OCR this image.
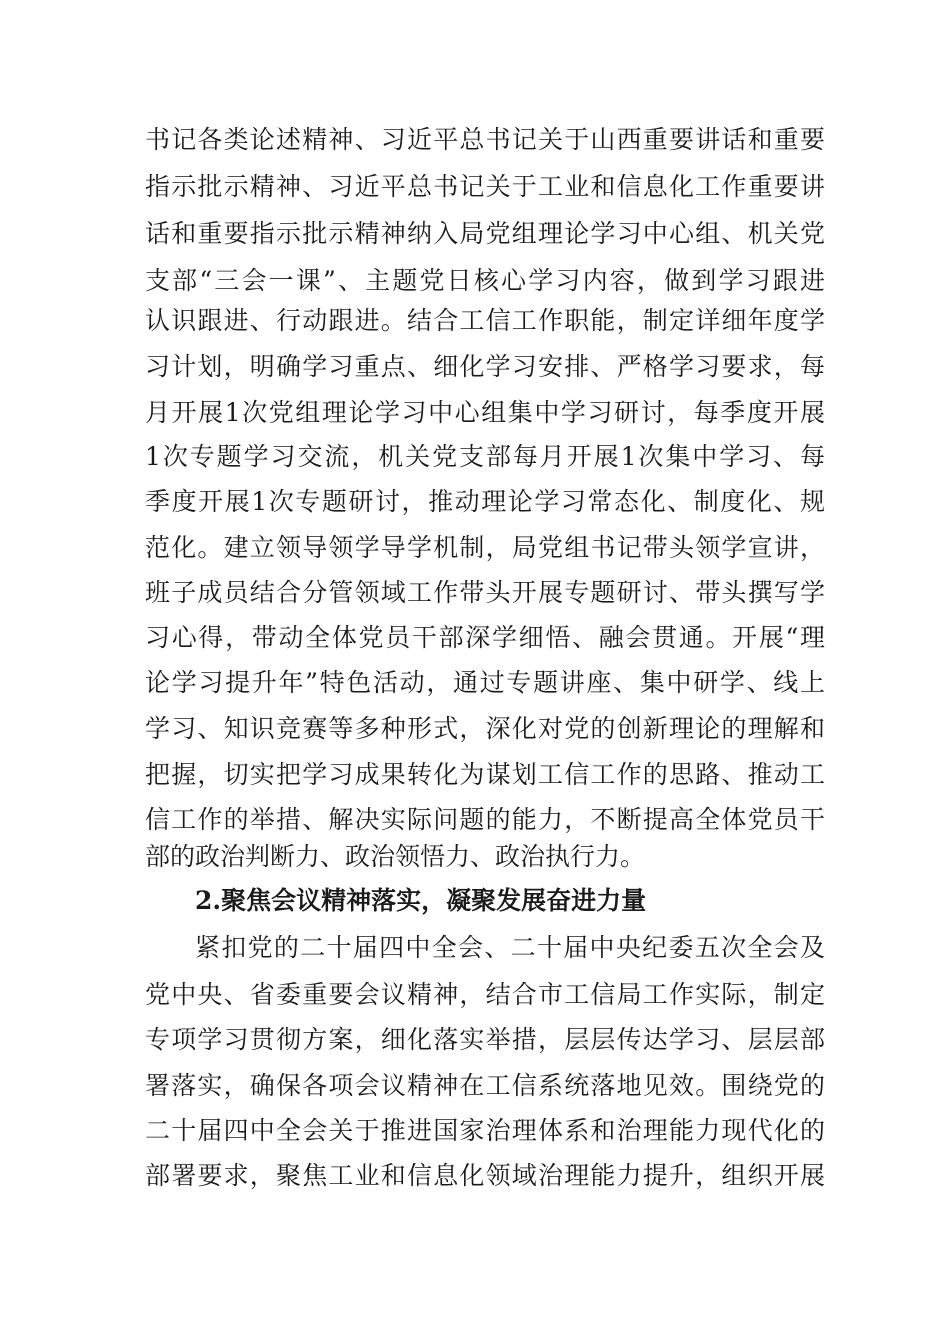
书记各类论述精神、习近平总书记关于山西重要讲话和重要
指示批示精神、习近平总书记关于工业和信息化工作重要讲
话和重要指示批示精神纳入局党组理论学习中心组、机关党
支部“三会一课”、主题党日核心学习内容，做到学习跟进
认识跟进、行动跟进。结合工信工作职能，制定详细年度学
习计划，明确学习重点、细化学习安排、严格学习要求，每
月开展1次党组理论学习中心组集中学习研讨，每季度开展
1次专题学习交流，机关党支部每月开展1次集中学习、每
季度开展1次专题研讨，推动理论学习常态化、制度化、规
范化。建立领导领学导学机制，局党组书记带头领学宣讲，
班子成员结合分管领域工作带头开展专题研讨、带头撰写学
习心得，带动全体党员干部深学细悟、融会贯通。开展“理
论学习提升年”特色活动，通过专题讲座、集中研学、线上
学习、知识竞赛等多种形式，深化对党的创新理论的理解和
把握，切实把学习成果转化为谋划工信工作的思路、推动工
信工作的举措、解决实际问题的能力，不断提高全体党员干
部的政治判断力、政治领悟力、政治执行力。
2.聚焦会议精神落实，凝聚发展奋进力量
紧扣党的二十届四中全会、二十届中央纪委五次全会及
党中央、省委重要会议精神，结合市工信局工作实际，制定
专项学习贯彻方案，细化落实举措，层层传达学习、层层部
署落实，确保各项会议精神在工信系统落地见效。围绕党的
二十届四中全会关于推进国家治理体系和治理能力现代化的
部署要求，聚焦工业和信息化领域治理能力提升，组织开展
